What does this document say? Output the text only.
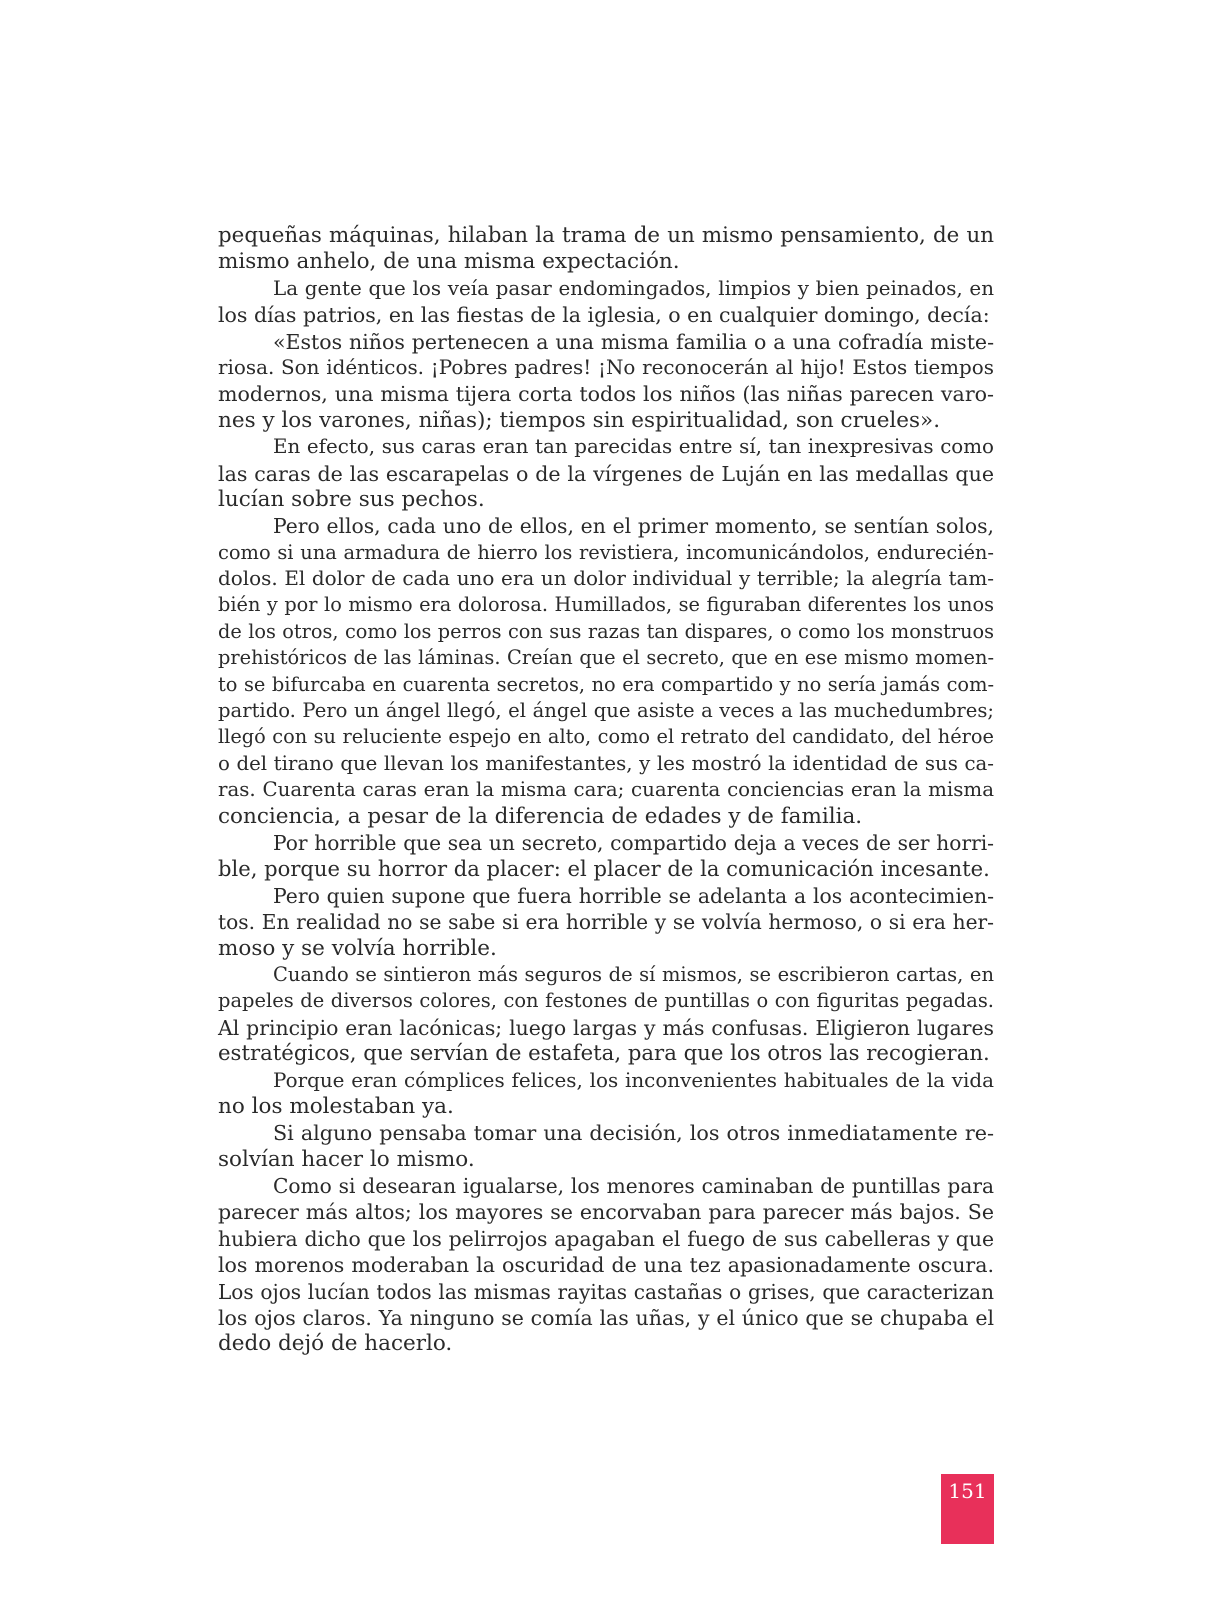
pequeñas máquinas, hilaban la trama de un mismo pensamiento, de un
mismo anhelo, de una misma expectación.
La gente que los veía pasar endomingados, limpios y bien peinados, en
los días patrios, en las fiestas de la iglesia, o en cualquier domingo, decía:
«Estos niños pertenecen a una misma familia o a una cofradía miste-
riosa. Son idénticos. ¡Pobres padres! ¡No reconocerán al hijo! Estos tiempos
modernos, una misma tijera corta todos los niños (las niñas parecen varo-
nes y los varones, niñas); tiempos sin espiritualidad, son crueles».
En efecto, sus caras eran tan parecidas entre sí, tan inexpresivas como
las caras de las escarapelas o de la vírgenes de Luján en las medallas que
lucían sobre sus pechos.
Pero ellos, cada uno de ellos, en el primer momento, se sentían solos,
como si una armadura de hierro los revistiera, incomunicándolos, endurecién-
dolos. El dolor de cada uno era un dolor individual y terrible; la alegría tam-
bién y por lo mismo era dolorosa. Humillados, se figuraban diferentes los unos
de los otros, como los perros con sus razas tan dispares, o como los monstruos
prehistóricos de las láminas. Creían que el secreto, que en ese mismo momen-
to se bifurcaba en cuarenta secretos, no era compartido y no sería jamás com-
partido. Pero un ángel llegó, el ángel que asiste a veces a las muchedumbres;
llegó con su reluciente espejo en alto, como el retrato del candidato, del héroe
o del tirano que llevan los manifestantes, y les mostró la identidad de sus ca-
ras. Cuarenta caras eran la misma cara; cuarenta conciencias eran la misma
conciencia, a pesar de la diferencia de edades y de familia.
Por horrible que sea un secreto, compartido deja a veces de ser horri-
ble, porque su horror da placer: el placer de la comunicación incesante.
Pero quien supone que fuera horrible se adelanta a los acontecimien-
tos. En realidad no se sabe si era horrible y se volvía hermoso, o si era her-
moso y se volvía horrible.
Cuando se sintieron más seguros de sí mismos, se escribieron cartas, en
papeles de diversos colores, con festones de puntillas o con figuritas pegadas.
Al principio eran lacónicas; luego largas y más confusas. Eligieron lugares
estratégicos, que servían de estafeta, para que los otros las recogieran.
Porque eran cómplices felices, los inconvenientes habituales de la vida
no los molestaban ya.
Si alguno pensaba tomar una decisión, los otros inmediatamente re-
solvían hacer lo mismo.
Como si desearan igualarse, los menores caminaban de puntillas para
parecer más altos; los mayores se encorvaban para parecer más bajos. Se
hubiera dicho que los pelirrojos apagaban el fuego de sus cabelleras y que
los morenos moderaban la oscuridad de una tez apasionadamente oscura.
Los ojos lucían todos las mismas rayitas castañas o grises, que caracterizan
los ojos claros. Ya ninguno se comía las uñas, y el único que se chupaba el
dedo dejó de hacerlo.
151
